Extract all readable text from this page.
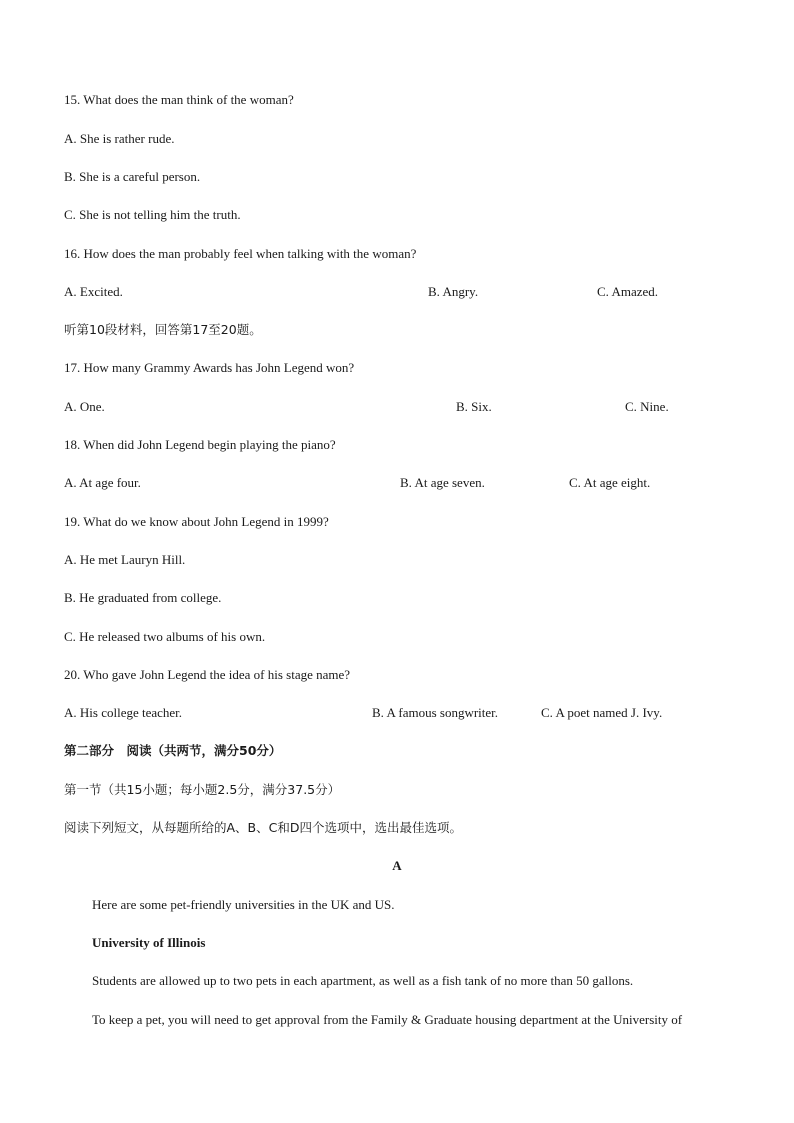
15. What does the man think of the woman?
A. She is rather rude.
B. She is a careful person.
C. She is not telling him the truth.
16. How does the man probably feel when talking with the woman?
A. Excited.	B. Angry.	C. Amazed.
听第10段材料，回答第17至20题。
17. How many Grammy Awards has John Legend won?
A. One.	B. Six.	C. Nine.
18. When did John Legend begin playing the piano?
A. At age four.	B. At age seven.	C. At age eight.
19. What do we know about John Legend in 1999?
A. He met Lauryn Hill.
B. He graduated from college.
C. He released two albums of his own.
20. Who gave John Legend the idea of his stage name?
A. His college teacher.	B. A famous songwriter.	C. A poet named J. Ivy.
第二部分　阅读（共两节，满分50分）
第一节（共15小题；每小题2.5分，满分37.5分）
阅读下列短文，从每题所给的A、B、C和D四个选项中，选出最佳选项。
A
Here are some pet-friendly universities in the UK and US.
University of Illinois
Students are allowed up to two pets in each apartment, as well as a fish tank of no more than 50 gallons.
To keep a pet, you will need to get approval from the Family & Graduate housing department at the University of
